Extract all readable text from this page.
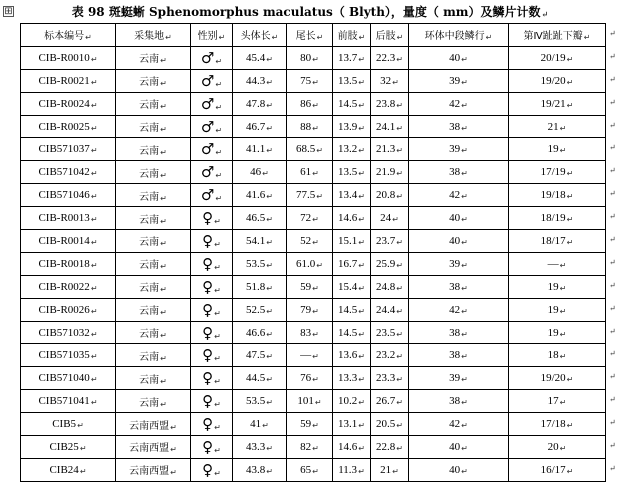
⊞	表 98 斑蜓蜥 Sphenomorphus maculatus（ Blyth），量度（ mm）及鳞片计数↵
标本编号↵	采集地↵	性别↵	头体长↵	尾长↵	前肢↵	后肢↵	环体中段鳞行↵	第Ⅳ趾趾下瓣↵
CIB-R0010↵	云南↵	♂↵	45.4↵	80↵	13.7↵	22.3↵	40↵	20/19↵
CIB-R0021↵	云南↵	♂↵	44.3↵	75↵	13.5↵	32↵	39↵	19/20↵
CIB-R0024↵	云南↵	♂↵	47.8↵	86↵	14.5↵	23.8↵	42↵	19/21↵
CIB-R0025↵	云南↵	♂↵	46.7↵	88↵	13.9↵	24.1↵	38↵	21↵
CIB571037↵	云南↵	♂↵	41.1↵	68.5↵	13.2↵	21.3↵	39↵	19↵
CIB571042↵	云南↵	♂↵	46↵	61↵	13.5↵	21.9↵	38↵	17/19↵
CIB571046↵	云南↵	♂↵	41.6↵	77.5↵	13.4↵	20.8↵	42↵	19/18↵
CIB-R0013↵	云南↵	♀↵	46.5↵	72↵	14.6↵	24↵	40↵	18/19↵
CIB-R0014↵	云南↵	♀↵	54.1↵	52↵	15.1↵	23.7↵	40↵	18/17↵
CIB-R0018↵	云南↵	♀↵	53.5↵	61.0↵	16.7↵	25.9↵	39↵	—↵
CIB-R0022↵	云南↵	♀↵	51.8↵	59↵	15.4↵	24.8↵	38↵	19↵
CIB-R0026↵	云南↵	♀↵	52.5↵	79↵	14.5↵	24.4↵	42↵	19↵
CIB571032↵	云南↵	♀↵	46.6↵	83↵	14.5↵	23.5↵	38↵	19↵
CIB571035↵	云南↵	♀↵	47.5↵	—↵	13.6↵	23.2↵	38↵	18↵
CIB571040↵	云南↵	♀↵	44.5↵	76↵	13.3↵	23.3↵	39↵	19/20↵
CIB571041↵	云南↵	♀↵	53.5↵	101↵	10.2↵	26.7↵	38↵	17↵
CIB5↵	云南西盟↵	♀↵	41↵	59↵	13.1↵	20.5↵	42↵	17/18↵
CIB25↵	云南西盟↵	♀↵	43.3↵	82↵	14.6↵	22.8↵	40↵	20↵
CIB24↵	云南西盟↵	♀↵	43.8↵	65↵	11.3↵	21↵	40↵	16/17↵
↵
↵
↵
↵
↵
↵
↵
↵
↵
↵
↵
↵
↵
↵
↵
↵
↵
↵
↵
↵
